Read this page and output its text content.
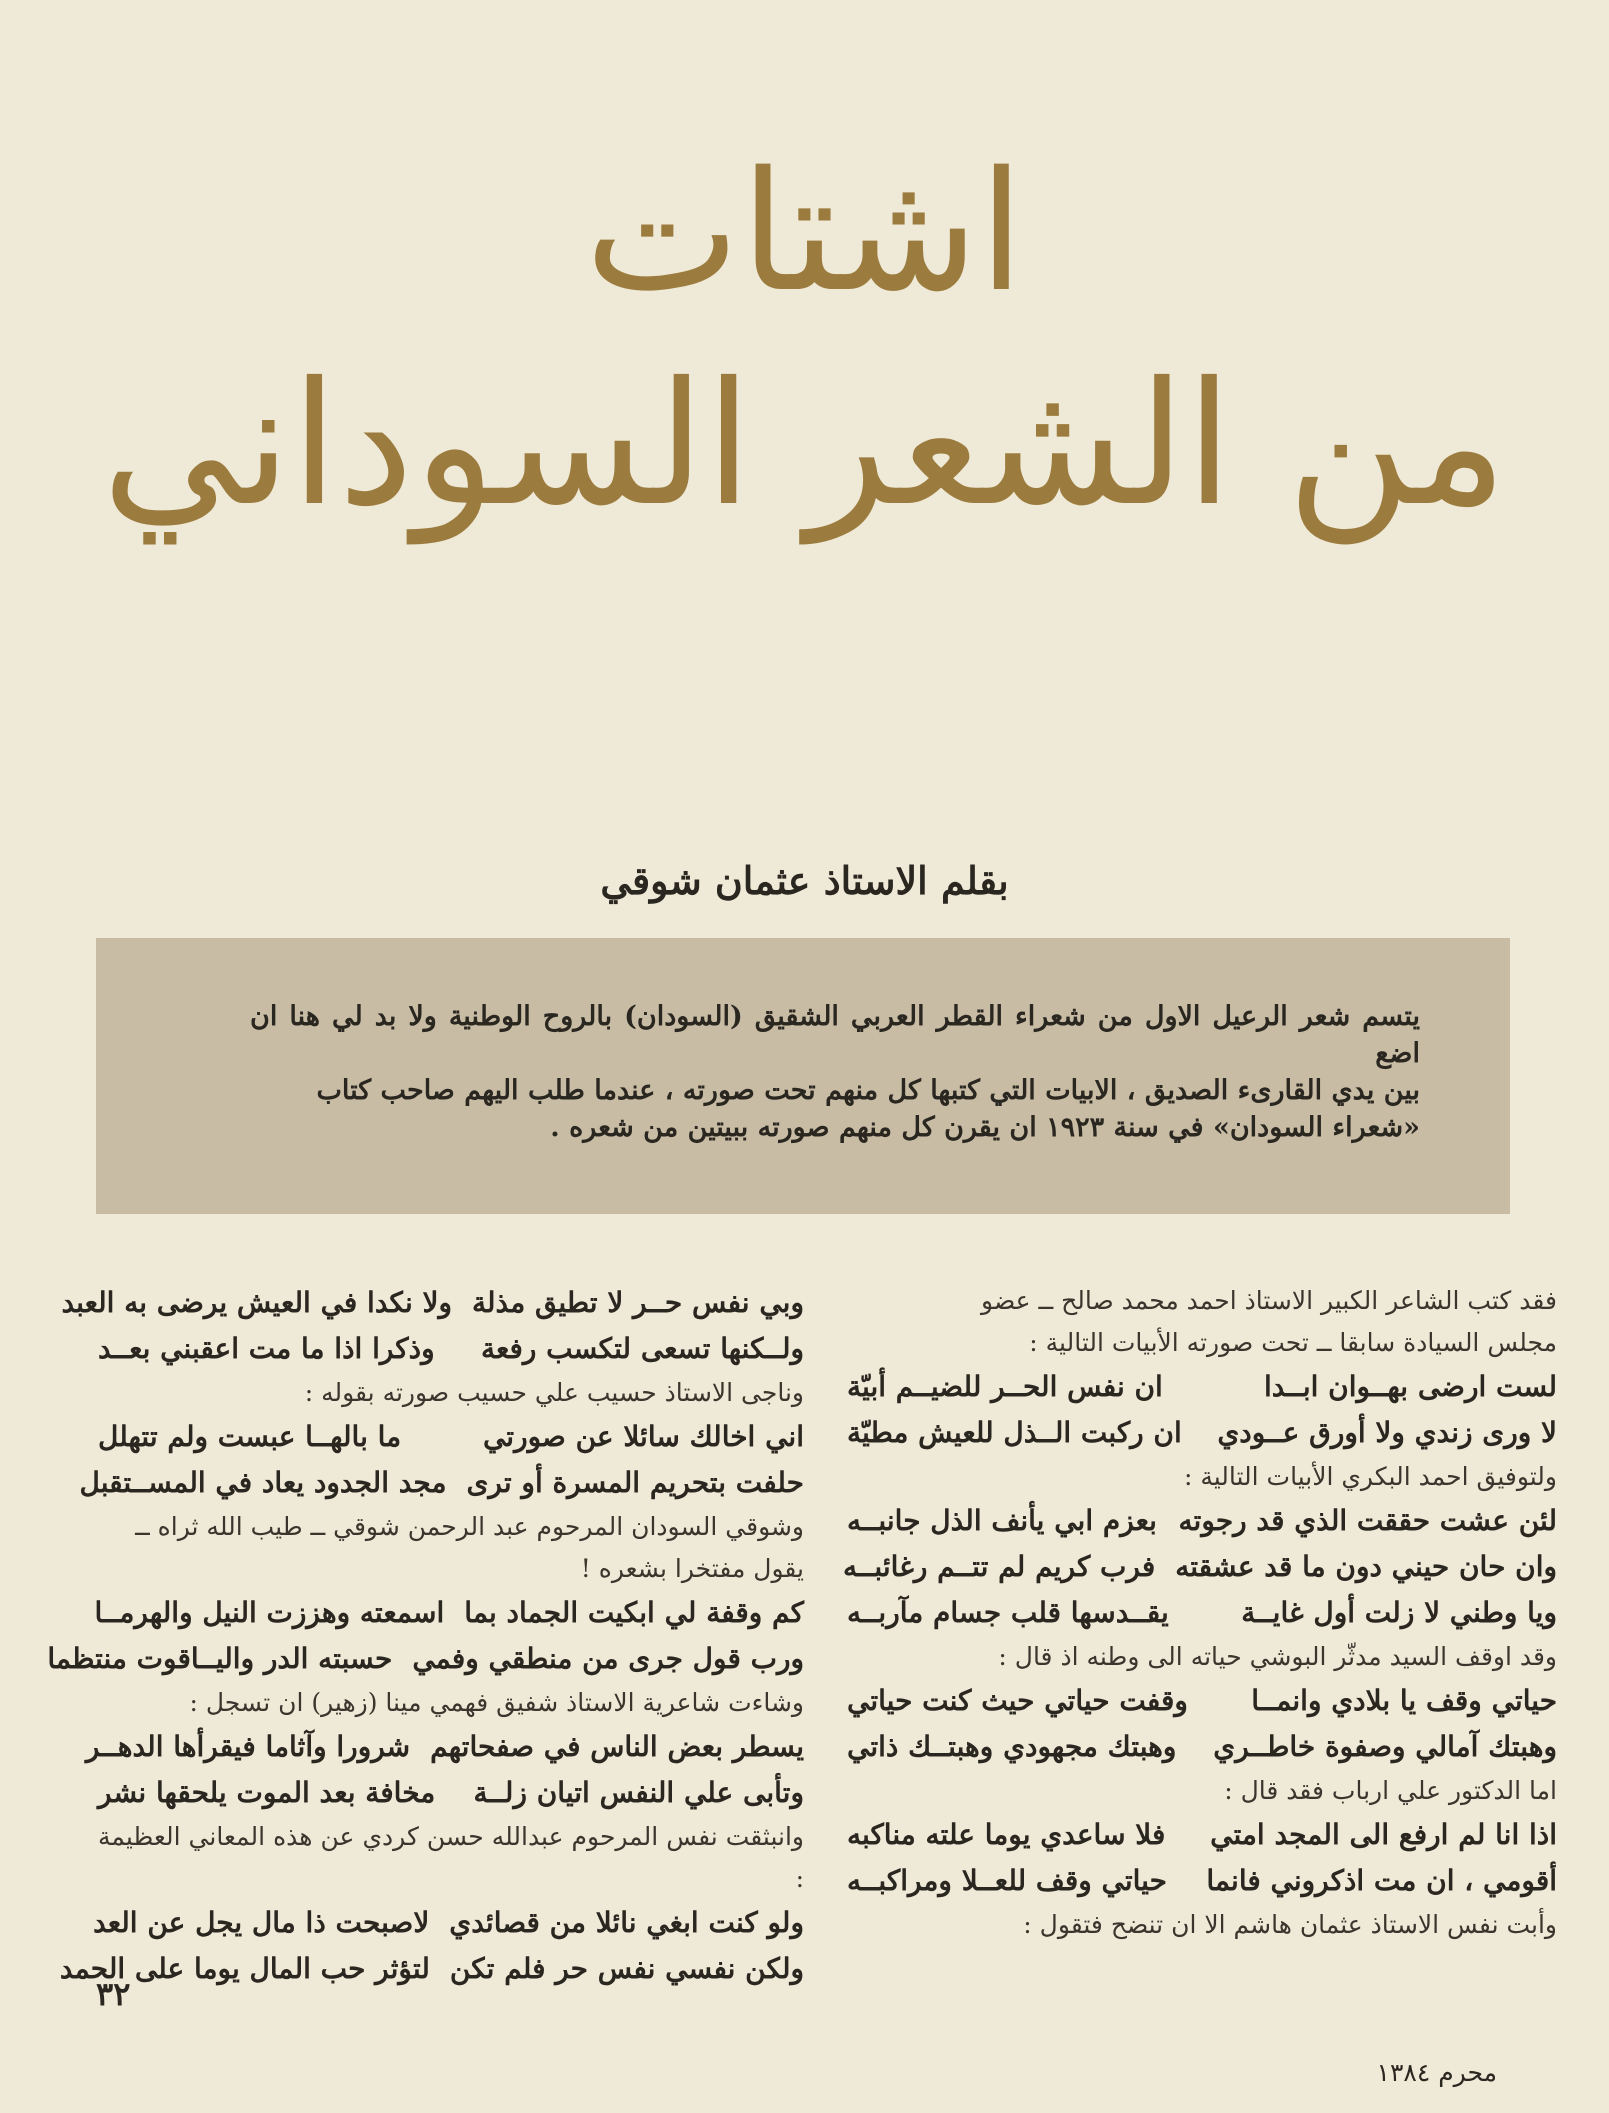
اشتات
من الشعر السوداني
بقلم الاستاذ عثمان شوقي

يتسم شعر الرعيل الاول من شعراء القطر العربي الشقيق (السودان) بالروح الوطنية ولا بد لي هنا ان اضع

بين يدي القارىء الصديق ، الابيات التي كتبها كل منهم تحت صورته ، عندما طلب اليهم صاحب كتاب

«شعراء السودان» في سنة ١٩٢٣ ان يقرن كل منهم صورته ببيتين من شعره .

فقد كتب الشاعر الكبير الاستاذ احمد محمد صالح ــ عضو

مجلس السيادة سابقا ــ تحت صورته الأبيات التالية :

لست ارضى بهــوان ابــدا
ان نفس الحــر للضيــم أبيّة
لا ورى زندي ولا أورق عــودي
ان ركبت الــذل للعيش مطيّة

ولتوفيق احمد البكري الأبيات التالية :

لئن عشت حققت الذي قد رجوته
بعزم ابي يأنف الذل جانبــه
وان حان حيني دون ما قد عشقته
فرب كريم لم تتــم رغائبــه
ويا وطني لا زلت أول غايــة
يقــدسها قلب جسام مآربــه

وقد اوقف السيد مدثّر البوشي حياته الى وطنه اذ قال :

حياتي وقف يا بلادي وانمــا
وقفت حياتي حيث كنت حياتي
وهبتك آمالي وصفوة خاطــري
وهبتك مجهودي وهبتــك ذاتي

اما الدكتور علي ارباب فقد قال :

اذا انا لم ارفع الى المجد امتي
فلا ساعدي يوما علته مناكبه
أقومي ، ان مت اذكروني فانما
حياتي وقف للعــلا ومراكبــه

وأبت نفس الاستاذ عثمان هاشم الا ان تنضح فتقول :

وبي نفس حــر لا تطيق مذلة
ولا نكدا في العيش يرضى به العبد
ولــكنها تسعى لتكسب رفعة
وذكرا اذا ما مت اعقبني بعــد

وناجى الاستاذ حسيب علي حسيب صورته بقوله :

اني اخالك سائلا عن صورتي
ما بالهــا عبست ولم تتهلل
حلفت بتحريم المسرة أو ترى
مجد الجدود يعاد في المســتقبل

وشوقي السودان المرحوم عبد الرحمن شوقي ــ طيب الله ثراه ــ

يقول مفتخرا بشعره !

كم وقفة لي ابكيت الجماد بما
اسمعته وهززت النيل والهرمــا
ورب قول جرى من منطقي وفمي
حسبته الدر واليــاقوت منتظما

وشاءت شاعرية الاستاذ شفيق فهمي مينا (زهير) ان تسجل :

يسطر بعض الناس في صفحاتهم
شرورا وآثاما فيقرأها الدهــر
وتأبى علي النفس اتيان زلــة
مخافة بعد الموت يلحقها نشر

وانبثقت نفس المرحوم عبدالله حسن كردي عن هذه المعاني العظيمة :

ولو كنت ابغي نائلا من قصائدي
لاصبحت ذا مال يجل عن العد
ولكن نفسي نفس حر فلم تكن
لتؤثر حب المال يوما على الحمد
٣٢
محرم ١٣٨٤
